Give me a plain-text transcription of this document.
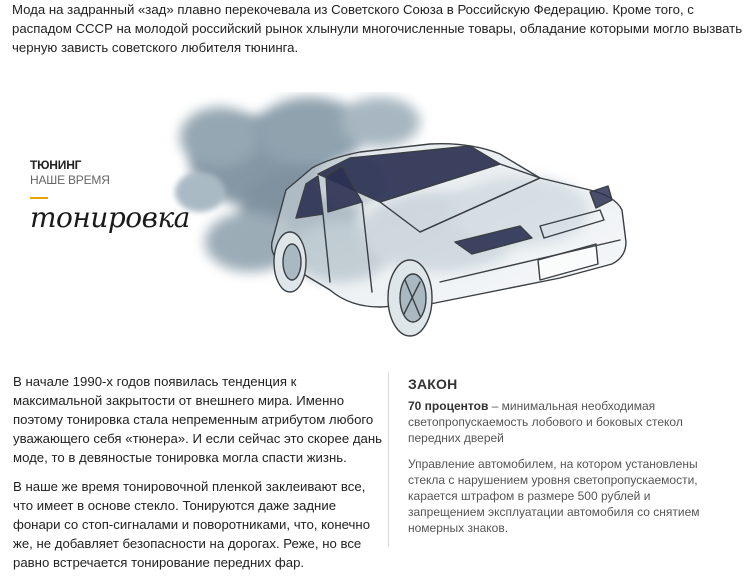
Мода на задранный «зад» плавно перекочевала из Советского Союза в Российскую Федерацию. Кроме того, с распадом СССР на молодой российский рынок хлынули многочисленные товары, обладание которыми могло вызвать черную зависть советского любителя тюнинга.
ТЮНИНГ
НАШЕ ВРЕМЯ
тонировка

В начале 1990-х годов появилась тенденция к максимальной закрытости от внешнего мира. Именно поэтому тонировка стала непременным атрибутом любого уважающего себя «тюнера». И если сейчас это скорее дань моде, то в девяностые тонировка могла спасти жизнь.

В наше же время тонировочной пленкой заклеивают все, что имеет в основе стекло. Тонируются даже задние фонари со стоп-сигналами и поворотниками, что, конечно же, не добавляет безопасности на дорогах. Реже, но все равно встречается тонирование передних фар.

ЗАКОН

70 процентов – минимальная необходимая светопропускаемость лобового и боковых стекол передних дверей

Управление автомобилем, на котором установлены стекла с нарушением уровня светопропускаемости, карается штрафом в размере 500 рублей и запрещением эксплуатации автомобиля со снятием номерных знаков.
